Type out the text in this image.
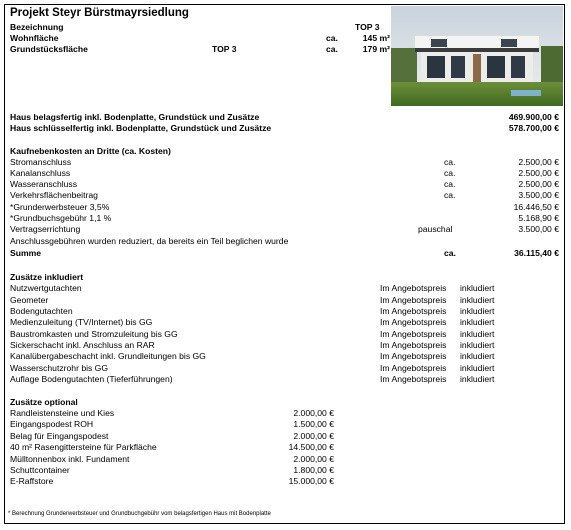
Projekt Steyr Bürstmayrsiedlung
Bezeichnung	TOP 3
Wohnfläche	ca.	145 m²
Grundstücksfläche	TOP 3	ca.	179 m²
Haus belagsfertig inkl. Bodenplatte, Grundstück und Zusätze	469.900,00 €
Haus schlüsselfertig inkl. Bodenplatte, Grundstück und Zusätze	578.700,00 €
Kaufnebenkosten an Dritte (ca. Kosten)
Stromanschluss	ca.	2.500,00 €
Kanalanschluss	ca.	2.500,00 €
Wasseranschluss	ca.	2.500,00 €
Verkehrsflächenbeitrag	ca.	3.500,00 €
*Grunderwerbsteuer 3,5%	16.446,50 €
*Grundbuchsgebühr 1,1 %	5.168,90 €
Vertragserrichtung	pauschal	3.500,00 €
Anschlussgebühren wurden reduziert, da bereits ein Teil beglichen wurde
Summe	ca.	36.115,40 €
Zusätze inkludiert
Nutzwertgutachten	Im Angebotspreis inkludiert
Geometer	Im Angebotspreis inkludiert
Bodengutachten	Im Angebotspreis inkludiert
Medienzuleitung (TV/Internet) bis GG	Im Angebotspreis inkludiert
Baustromkasten und Stromzuleitung bis GG	Im Angebotspreis inkludiert
Sickerschacht inkl. Anschluss an RAR	Im Angebotspreis inkludiert
Kanalübergabeschacht inkl. Grundleitungen bis GG	Im Angebotspreis inkludiert
Wasserschutzrohr bis GG	Im Angebotspreis inkludiert
Auflage Bodengutachten (Tieferführungen)	Im Angebotspreis inkludiert
Zusätze optional
Randleistensteine und Kies	2.000,00 €
Eingangspodest ROH	1.500,00 €
Belag für Eingangspodest	2.000,00 €
40 m² Rasengittersteine für Parkfläche	14.500,00 €
Mülltonnenbox inkl. Fundament	2.000,00 €
Schuttcontainer	1.800,00 €
E-Raffstore	15.000,00 €
* Berechnung Grunderwerbsteuer und Grundbuchgebühr vom belagsfertigen Haus mit Bodenplatte
